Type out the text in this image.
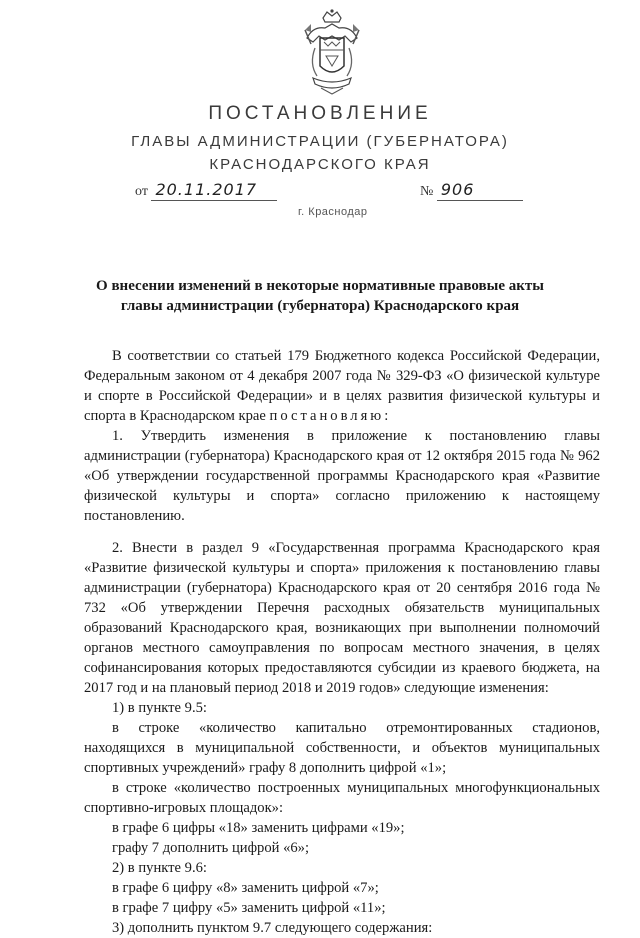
ПОСТАНОВЛЕНИЕ
ГЛАВЫ АДМИНИСТРАЦИИ (ГУБЕРНАТОРА)
КРАСНОДАРСКОГО КРАЯ
от 20.11.2017	№ 906
г. Краснодар
О внесении изменений в некоторые нормативные правовые акты
главы администрации (губернатора) Краснодарского края

В соответствии со статьей 179 Бюджетного кодекса Российской Федерации, Федеральным законом от 4 декабря 2007 года № 329-ФЗ «О физической культуре и спорте в Российской Федерации» и в целях развития физической культуры и спорта в Краснодарском крае постановляю:

1. Утвердить изменения в приложение к постановлению главы администрации (губернатора) Краснодарского края от 12 октября 2015 года № 962 «Об утверждении государственной программы Краснодарского края «Развитие физической культуры и спорта» согласно приложению к настоящему постановлению.

2. Внести в раздел 9 «Государственная программа Краснодарского края «Развитие физической культуры и спорта» приложения к постановлению главы администрации (губернатора) Краснодарского края от 20 сентября 2016 года № 732 «Об утверждении Перечня расходных обязательств муниципальных образований Краснодарского края, возникающих при выполнении полномочий органов местного самоуправления по вопросам местного значения, в целях софинансирования которых предоставляются субсидии из краевого бюджета, на 2017 год и на плановый период 2018 и 2019 годов» следующие изменения:

1) в пункте 9.5:

в строке «количество капитально отремонтированных стадионов, находящихся в муниципальной собственности, и объектов муниципальных спортивных учреждений» графу 8 дополнить цифрой «1»;

в строке «количество построенных муниципальных многофункциональных спортивно-игровых площадок»:

в графе 6 цифры «18» заменить цифрами «19»;

графу 7 дополнить цифрой «6»;

2) в пункте 9.6:

в графе 6 цифру «8» заменить цифрой «7»;

в графе 7 цифру «5» заменить цифрой «11»;

3) дополнить пунктом 9.7 следующего содержания:
